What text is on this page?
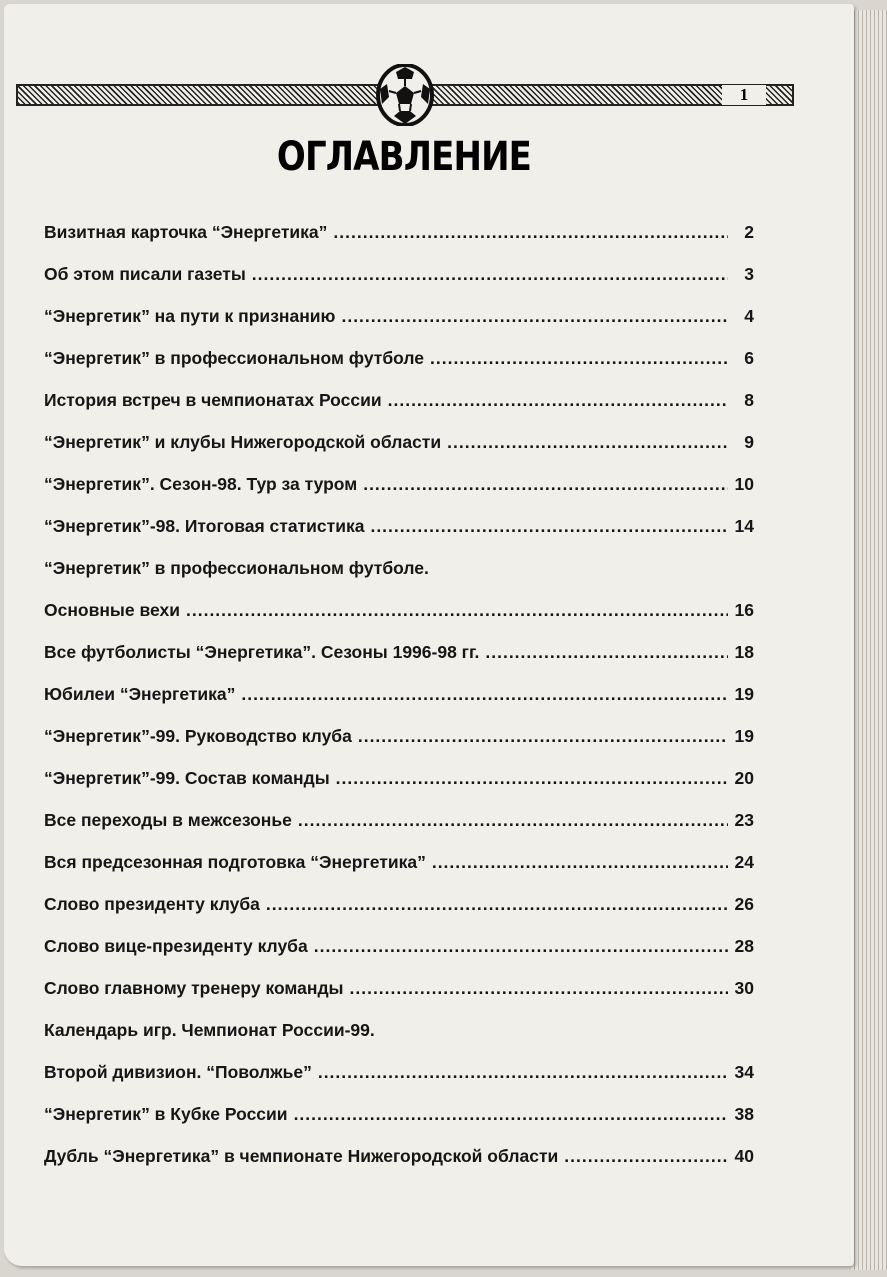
1
ОГЛАВЛЕНИЕ
Визитная карточка “Энергетика” .....	2
Об этом писали газеты .....	3
“Энергетик” на пути к признанию .....	4
“Энергетик” в профессиональном футболе .....	6
История встреч в чемпионатах России .....	8
“Энергетик” и клубы Нижегородской области .....	9
“Энергетик”. Сезон-98. Тур за туром .....	10
“Энергетик”-98. Итоговая статистика .....	14
“Энергетик” в профессиональном футболе.
Основные вехи .....	16
Все футболисты “Энергетика”. Сезоны 1996-98 гг. .....	18
Юбилеи “Энергетика” .....	19
“Энергетик”-99. Руководство клуба .....	19
“Энергетик”-99. Состав команды .....	20
Все переходы в межсезонье .....	23
Вся предсезонная подготовка “Энергетика” .....	24
Слово президенту клуба .....	26
Слово вице-президенту клуба .....	28
Слово главному тренеру команды .....	30
Календарь игр. Чемпионат России-99.
Второй дивизион. “Поволжье” .....	34
“Энергетик” в Кубке России .....	38
Дубль “Энергетика” в чемпионате Нижегородской области .....	40
